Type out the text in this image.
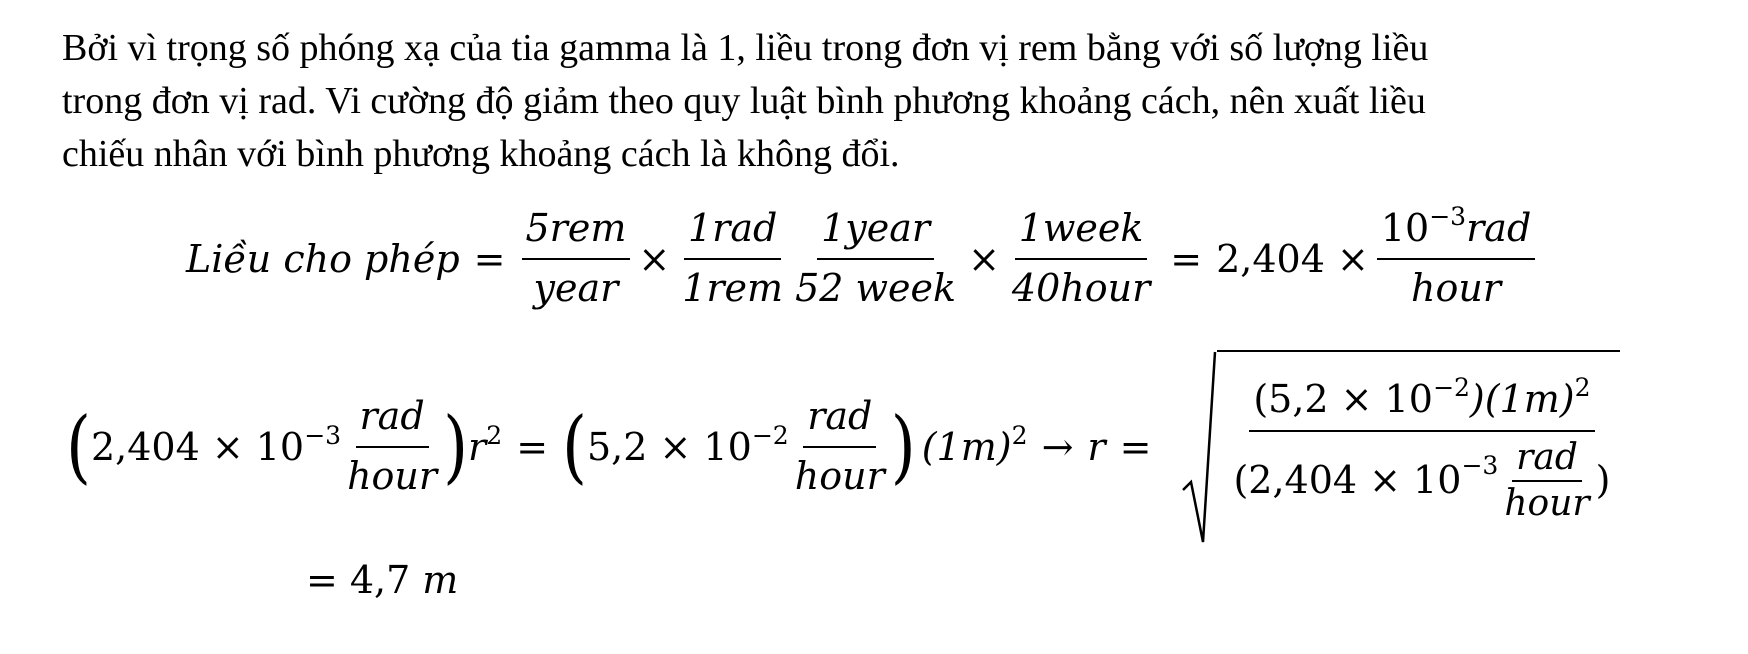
Bởi vì trọng số phóng xạ của tia gamma là 1, liều trong đơn vị rem bằng với số lượng liều
trong đơn vị rad. Vi cường độ giảm theo quy luật bình phương khoảng cách, nên xuất liều
chiếu nhân với bình phương khoảng cách là không đổi.
Liều cho phép = $\frac{\text{5rem}}{\text{year}} \times \frac{\text{1rad}}{\text{1rem}} \frac{\text{1year}}{\text{52 week}} \times \frac{\text{1week}}{\text{40hour}} = 2,404 \times \frac{10^{-3}rad}{\text{hour}}$
( $2,404 \times 10^{-3} \frac{\text{rad}}{\text{hour}}$ ) $r^2$ = ( $5,2 \times 10^{-2} \frac{\text{rad}}{\text{hour}}$ ) $(1m)^2 \to r$ =
$(5,2 \times 10^{-2})(1m)^2$
($2,404 \times 10 -3 \frac{\text{rad}}{\text{hour}}$ )
= 4,7 m
